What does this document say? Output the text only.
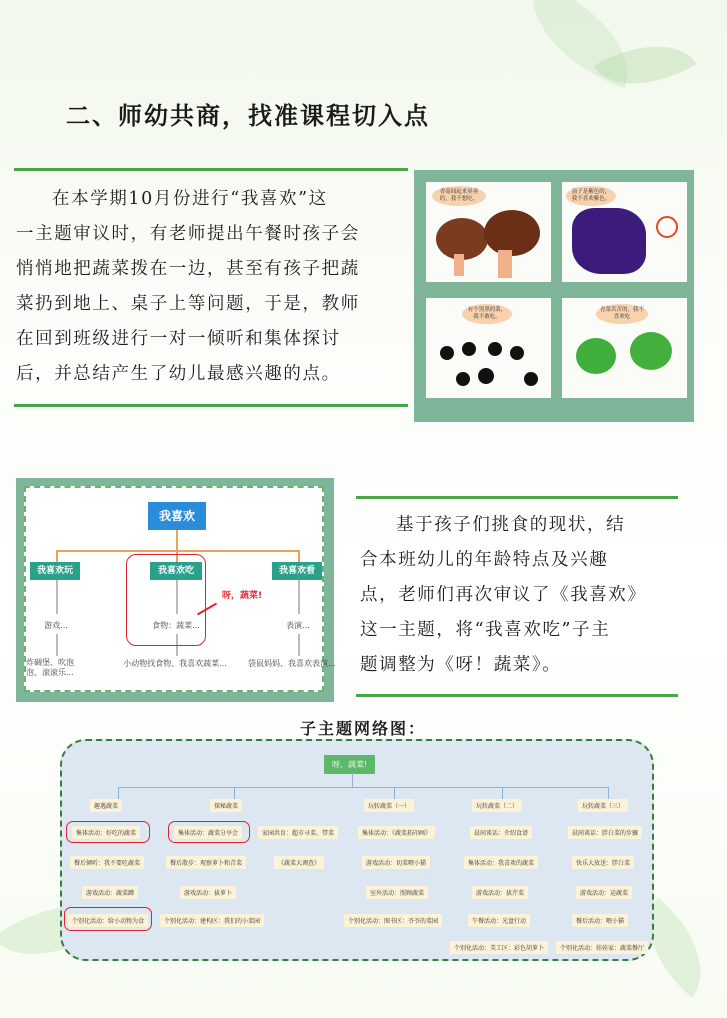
二、师幼共商，找准课程切入点
在本学期10月份进行“我喜欢”这
一主题审议时，有老师提出午餐时孩子会
悄悄地把蔬菜拨在一边，甚至有孩子把蔬
菜扔到地上、桌子上等问题，于是，教师
在回到班级进行一对一倾听和集体探讨
后，并总结产生了幼儿最感兴趣的点。
香菇闻起来臭臭的，我不想吃。
茄子是紫色的，我不喜欢紫色。
有个黑黑的菜，我不敢吃。
青菜苦苦的，我不喜欢吃
我喜欢
我喜欢玩	我喜欢吃	我喜欢看
游戏...	食物：蔬菜...	表演...
炸碉堡、吹泡泡、滚滚乐...
小动物找食物、我喜欢蔬菜...	袋鼠妈妈、我喜欢表演...
呀，蔬菜!
基于孩子们挑食的现状，结
合本班幼儿的年龄特点及兴趣
点，老师们再次审议了《我喜欢》
这一主题，将“我喜欢吃”子主
题调整为《呀！蔬菜》。
子主题网络图：
呀，蔬菜!
趣遇蔬菜
集体活动：好吃的蔬菜
餐后倾听：我不要吃蔬菜
游戏活动：蔬菜蹲
个别化活动：给小动物为食
探秘蔬菜
集体活动：蔬菜分享会
餐后散步：观察萝卜和青菜
游戏活动：拔萝卜
个别化活动：建构区：我们的小菜园
家园共育：超市寻菜、带菜
《蔬菜大调查》
玩转蔬菜（一）
集体活动：《蔬菜拓印画》
游戏活动：切菜喂小猫
室外活动：照顾蔬菜
个别化活动：图书区：爷爷的菜园
玩转蔬菜（二）
晨间谈话：介绍食谱
集体活动：我喜欢的蔬菜
游戏活动：拔芹菜
午餐活动：光盘行动
个别化活动：美工区：彩色胡萝卜
玩转蔬菜（三）
晨间谈话：胖白菜的步骤
快乐大放送：胖白菜
游戏活动：运蔬菜
餐后活动：喂小猫
个别化活动：娃娃家：蔬菜餐厅
